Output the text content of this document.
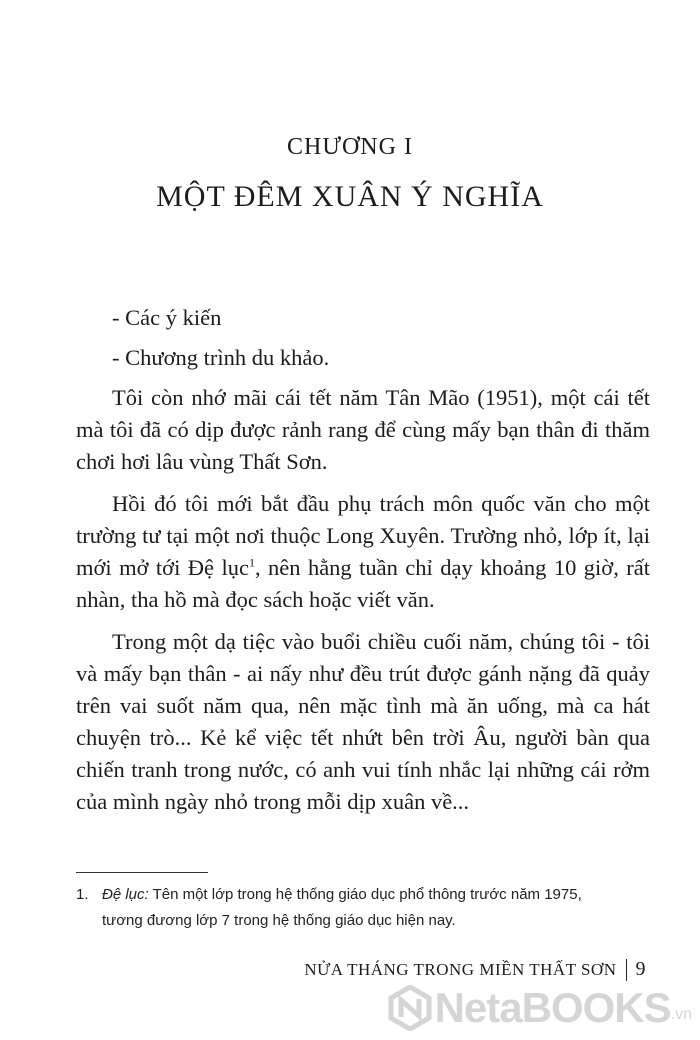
CHƯƠNG I
MỘT ĐÊM XUÂN Ý NGHĨA

- Các ý kiến

- Chương trình du khảo.

Tôi còn nhớ mãi cái tết năm Tân Mão (1951), một cái tết mà tôi đã có dịp được rảnh rang để cùng mấy bạn thân đi thăm chơi hơi lâu vùng Thất Sơn.

Hồi đó tôi mới bắt đầu phụ trách môn quốc văn cho một trường tư tại một nơi thuộc Long Xuyên. Trường nhỏ, lớp ít, lại mới mở tới Đệ lục$^1$, nên hằng tuần chỉ dạy khoảng 10 giờ, rất nhàn, tha hồ mà đọc sách hoặc viết văn.

Trong một dạ tiệc vào buổi chiều cuối năm, chúng tôi - tôi và mấy bạn thân - ai nấy như đều trút được gánh nặng đã quảy trên vai suốt năm qua, nên mặc tình mà ăn uống, mà ca hát chuyện trò... Kẻ kể việc tết nhứt bên trời Âu, người bàn qua chiến tranh trong nước, có anh vui tính nhắc lại những cái rởm của mình ngày nhỏ trong mỗi dịp xuân về...

1. Đệ lục: Tên một lớp trong hệ thống giáo dục phổ thông trước năm 1975,
tương đương lớp 7 trong hệ thống giáo dục hiện nay.
NỬA THÁNG TRONG MIỀN THẤT SƠN 9
NetaBOOKS .vn
